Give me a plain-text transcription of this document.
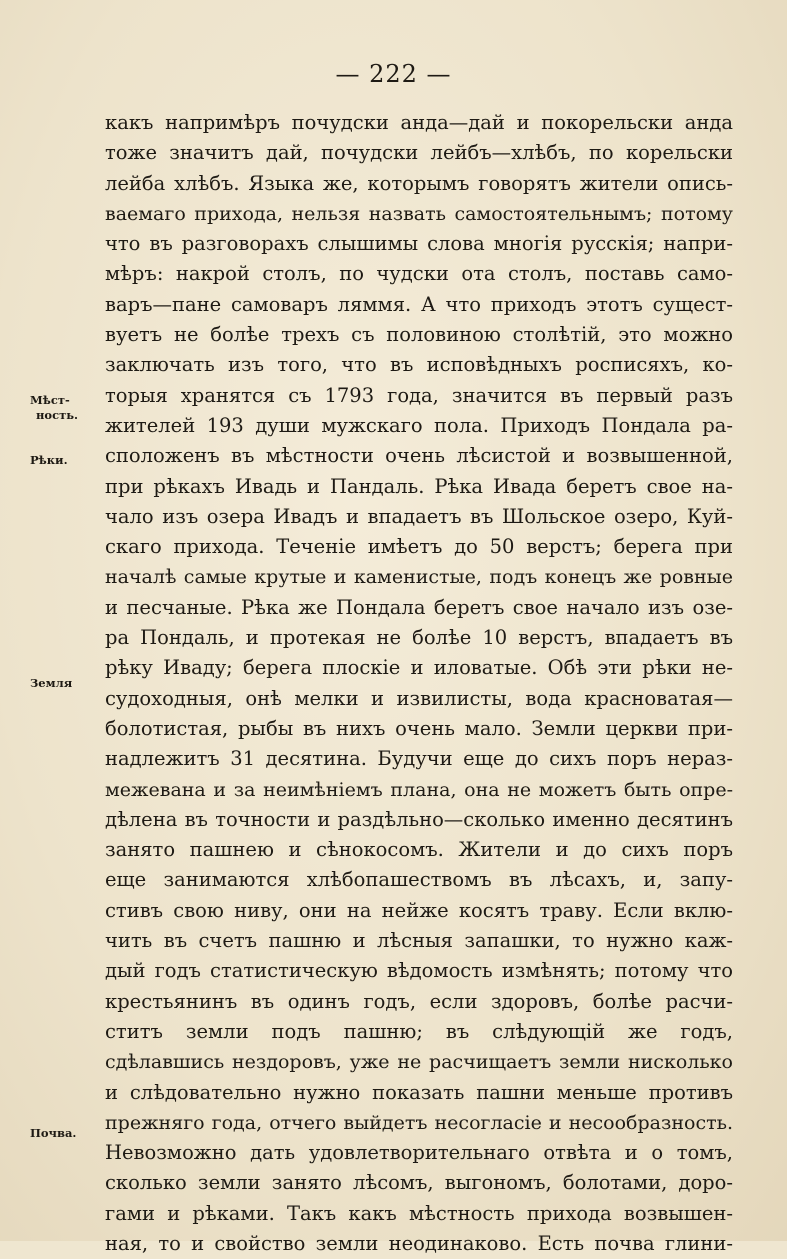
— 222 —
Мѣст-
ность.
Рѣки.
Земля
Почва.
какъ напримѣръ почудски анда—дай и покорельски анда
тоже значитъ дай, почудски лейбъ—хлѣбъ, по корельски
лейба хлѣбъ. Языка же, которымъ говорятъ жители опись-
ваемаго прихода, нельзя назвать самостоятельнымъ; потому
что въ разговорахъ слышимы слова многія русскія; напри-
мѣръ: накрой столъ, по чудски ота столъ, поставь само-
варъ—пане самоваръ ляммя. А что приходъ этотъ сущест-
вуетъ не болѣе трехъ съ половиною столѣтій, это можно
заключать изъ того, что въ исповѣдныхъ росписяхъ, ко-
торыя хранятся съ 1793 года, значится въ первый разъ
жителей 193 души мужскаго пола. Приходъ Пондала ра-
сположенъ въ мѣстности очень лѣсистой и возвышенной,
при рѣкахъ Ивадь и Пандаль. Рѣка Ивада беретъ свое на-
чало изъ озера Ивадъ и впадаетъ въ Шольское озеро, Куй-
скаго прихода. Теченіе имѣетъ до 50 верстъ; берега при
началѣ самые крутые и каменистые, подъ конецъ же ровные
и песчаные. Рѣка же Пондала беретъ свое начало изъ озе-
ра Пондаль, и протекая не болѣе 10 верстъ, впадаетъ въ
рѣку Иваду; берега плоскіе и иловатые. Обѣ эти рѣки не-
судоходныя, онѣ мелки и извилисты, вода красноватая—
болотистая, рыбы въ нихъ очень мало. Земли церкви при-
надлежитъ 31 десятина. Будучи еще до сихъ поръ нераз-
межевана и за неимѣніемъ плана, она не можетъ быть опре-
дѣлена въ точности и раздѣльно—сколько именно десятинъ
занято пашнею и сѣнокосомъ. Жители и до сихъ поръ
еще занимаются хлѣбопашествомъ въ лѣсахъ, и, запу-
стивъ свою ниву, они на нейже косятъ траву. Если вклю-
чить въ счетъ пашню и лѣсныя запашки, то нужно каж-
дый годъ статистическую вѣдомость измѣнять; потому что
крестьянинъ въ одинъ годъ, если здоровъ, болѣе расчи-
ститъ земли подъ пашню; въ слѣдующій же годъ,
сдѣлавшись нездоровъ, уже не расчищаетъ земли нисколько
и слѣдовательно нужно показать пашни меньше противъ
прежняго года, отчего выйдетъ несогласіе и несообразность.
Невозможно дать удовлетворительнаго отвѣта и о томъ,
сколько земли занято лѣсомъ, выгономъ, болотами, доро-
гами и рѣками. Такъ какъ мѣстность прихода возвышен-
ная, то и свойство земли неодинаково. Есть почва глини-
